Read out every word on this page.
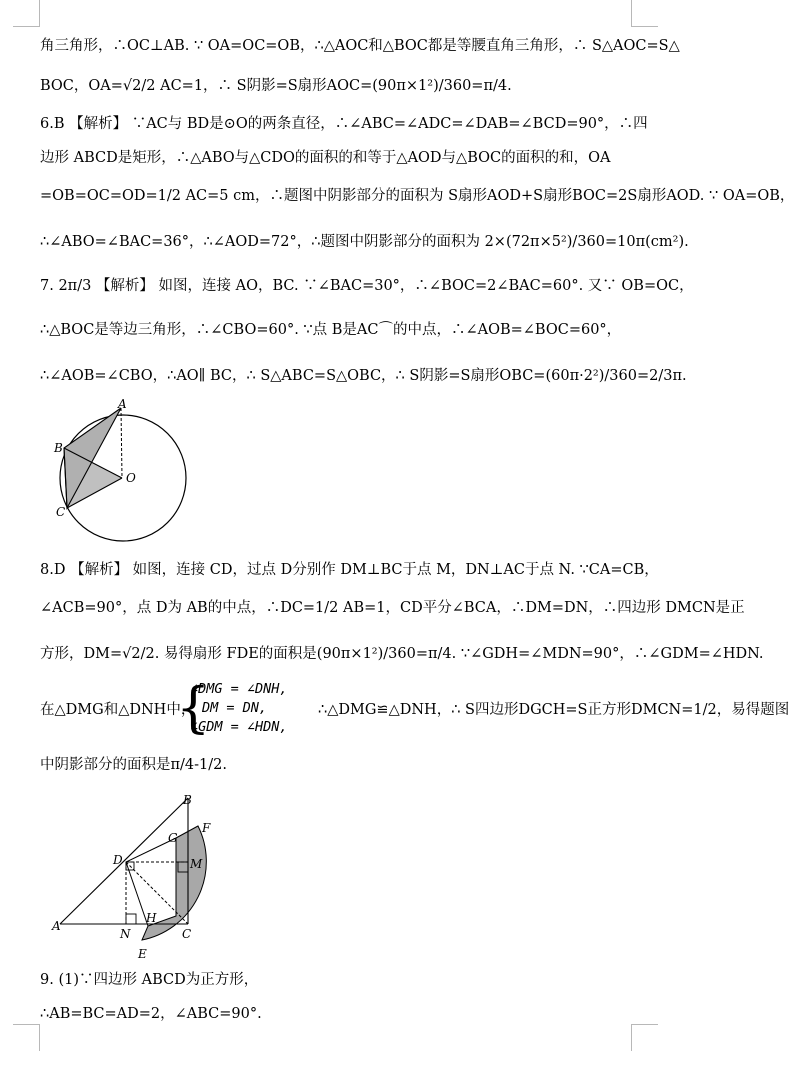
角三角形，∴OC⊥AB. ∵ OA=OC=OB，∴△AOC和△BOC都是等腰直角三角形，∴ S△AOC=S△
BOC，OA=√2/2 AC=1，∴ S阴影=S扇形AOC=(90π×1²)/360=π/4.
6.B 【解析】 ∵AC与 BD是⊙O的两条直径，∴∠ABC=∠ADC=∠DAB=∠BCD=90°，∴四
边形 ABCD是矩形，∴△ABO与△CDO的面积的和等于△AOD与△BOC的面积的和，OA
=OB=OC=OD=1/2 AC=5 cm，∴题图中阴影部分的面积为 S扇形AOD+S扇形BOC=2S扇形AOD. ∵ OA=OB，
∴∠ABO=∠BAC=36°，∴∠AOD=72°，∴题图中阴影部分的面积为 2×(72π×5²)/360=10π(cm²).
7. 2π/3 【解析】 如图，连接 AO，BC. ∵∠BAC=30°，∴∠BOC=2∠BAC=60°. 又∵ OB=OC，
∴△BOC是等边三角形，∴∠CBO=60°. ∵点 B是AC⌒的中点，∴∠AOB=∠BOC=60°，
∴∠AOB=∠CBO，∴AO∥ BC，∴ S△ABC=S△OBC，∴ S阴影=S扇形OBC=(60π·2²)/360=2/3π.
A
B
C
O
8.D 【解析】 如图，连接 CD，过点 D分别作 DM⊥BC于点 M，DN⊥AC于点 N. ∵CA=CB，
∠ACB=90°，点 D为 AB的中点，∴DC=1/2 AB=1，CD平分∠BCA，∴DM=DN，∴四边形 DMCN是正
方形，DM=√2/2. 易得扇形 FDE的面积是(90π×1²)/360=π/4. ∵∠GDH=∠MDN=90°，∴∠GDM=∠HDN.
在△DMG和△DNH中，
{
∠DMG = ∠DNH,
DM = DN,
∠GDM = ∠HDN,
∴△DMG≌△DNH，∴ S四边形DGCH=S正方形DMCN=1/2，易得题图
中阴影部分的面积是π/4-1/2.
A
B
C
D
E
F
G
H
M
N
9. (1)∵四边形 ABCD为正方形，
∴AB=BC=AD=2，∠ABC=90°.
